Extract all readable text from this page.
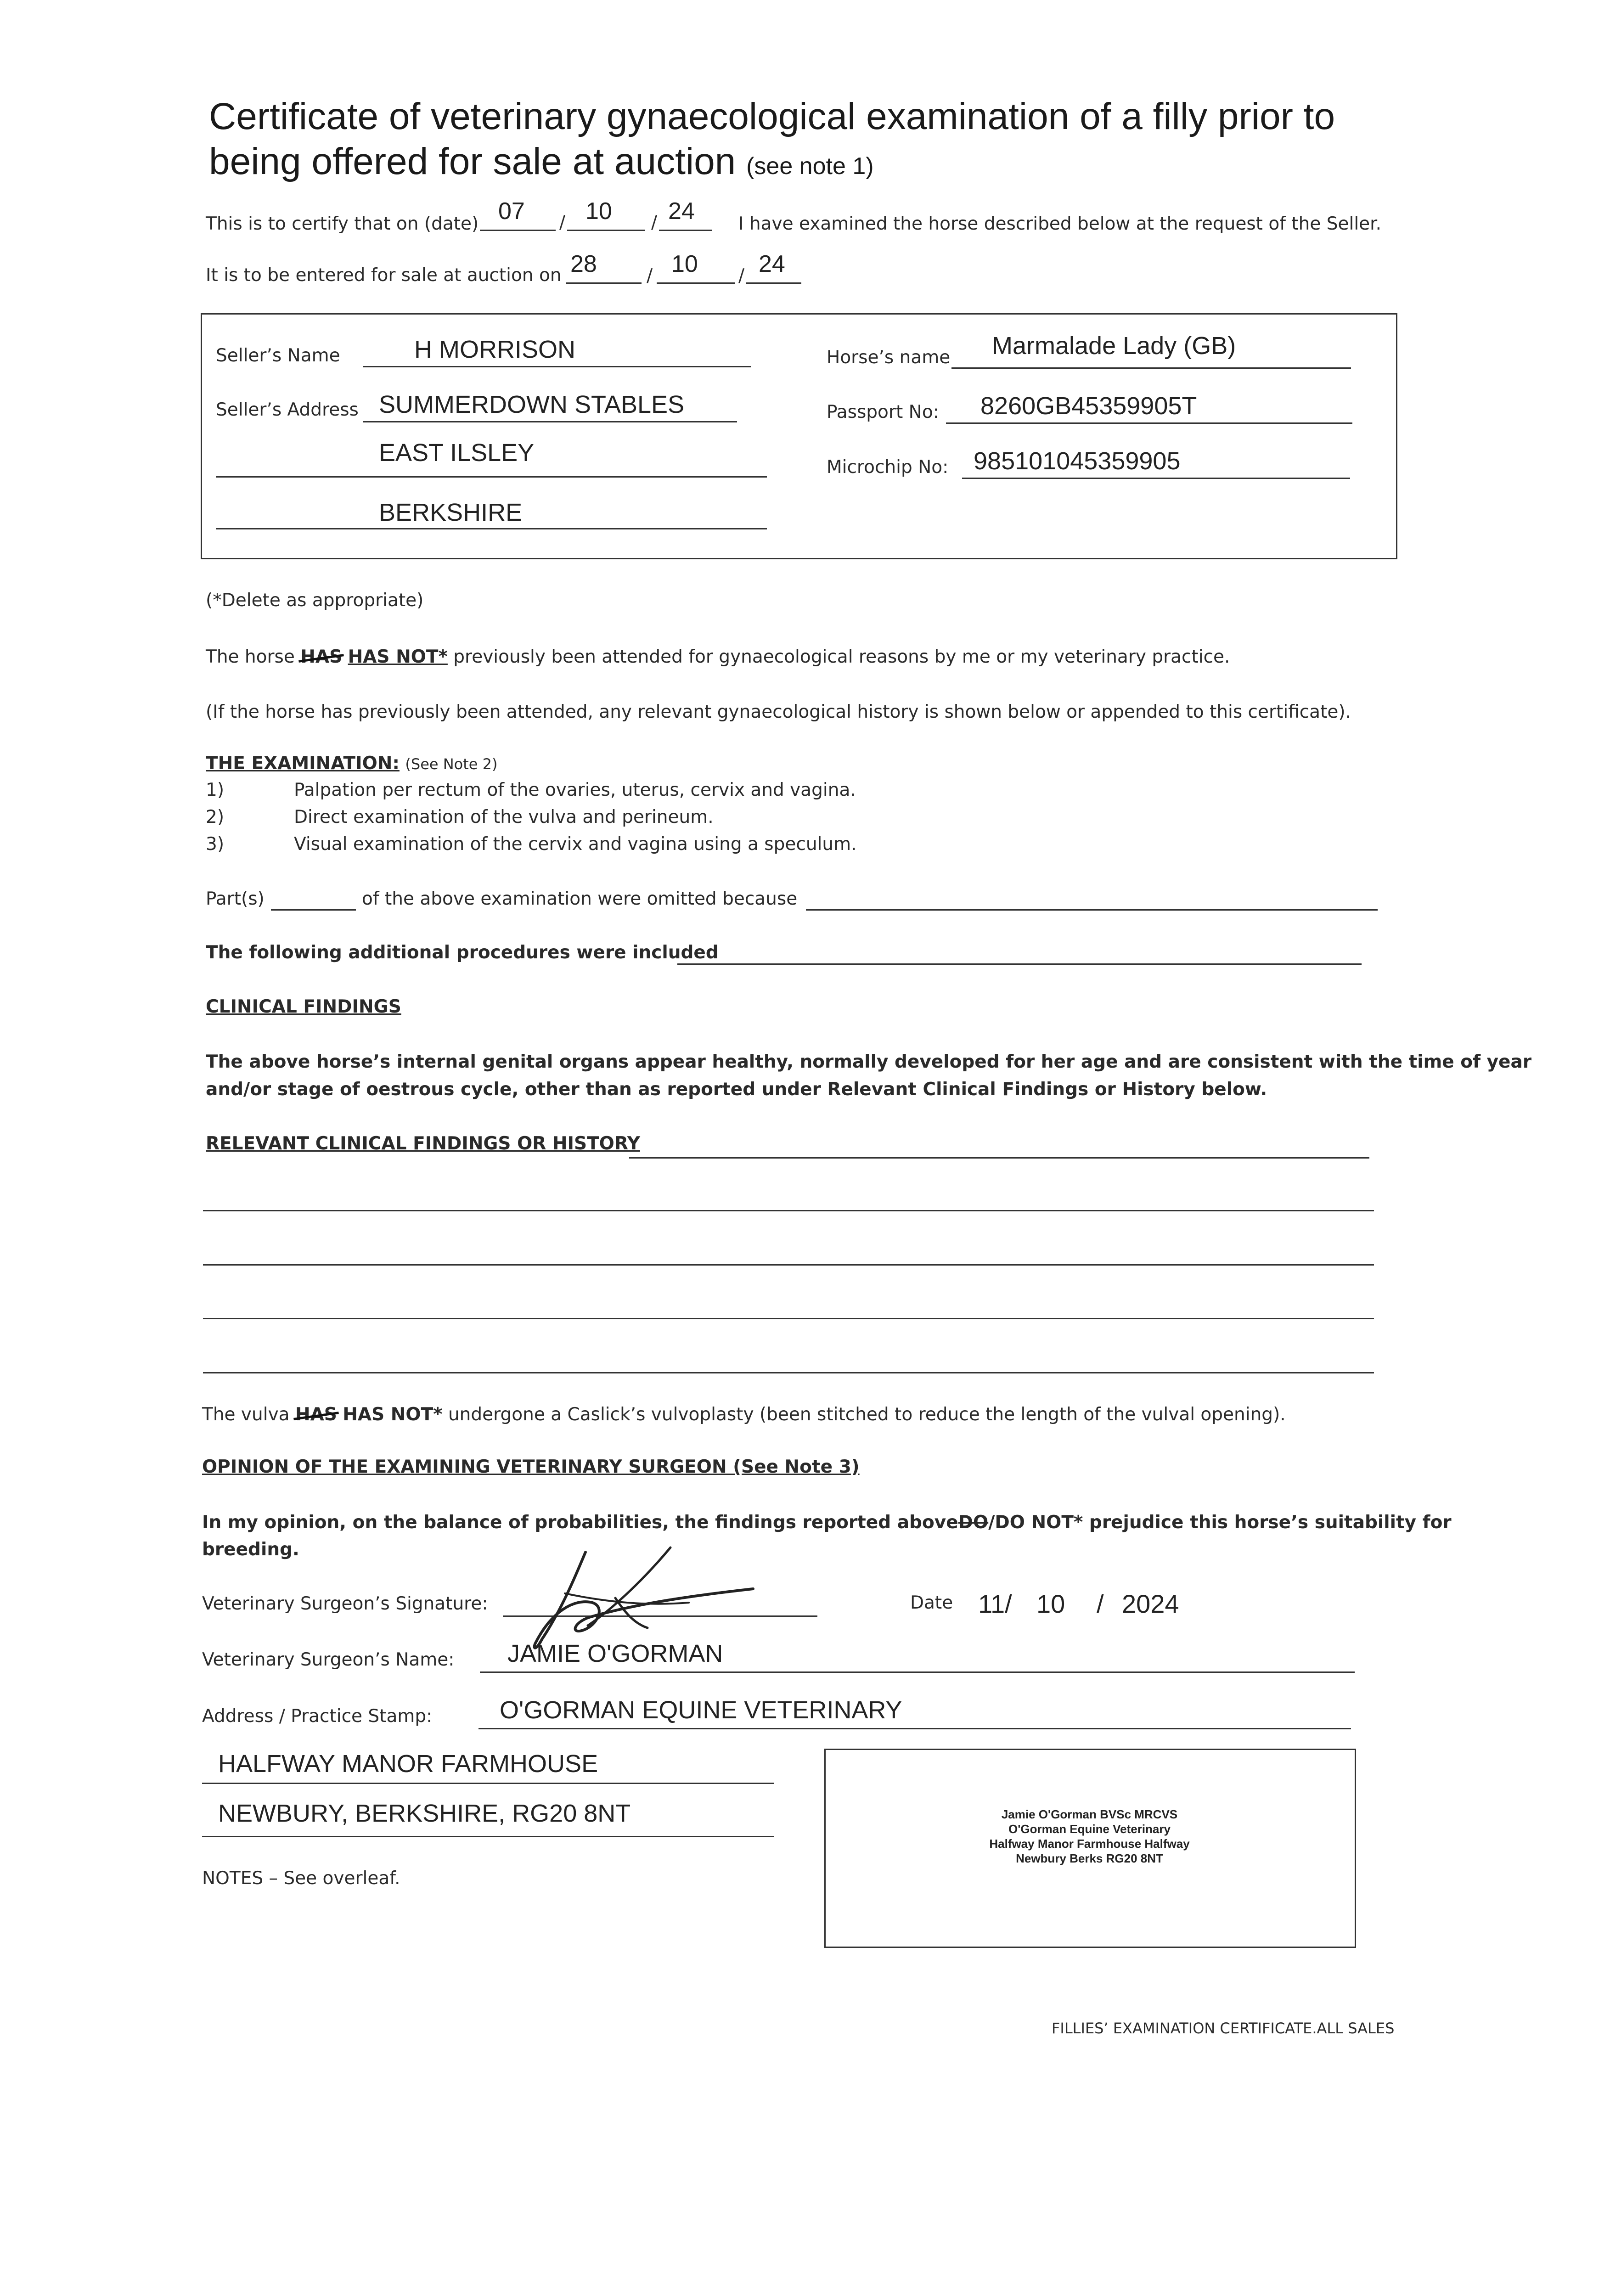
Certificate of veterinary gynaecological examination of a filly prior to
being offered for sale at auction (see note 1)
This is to certify that on (date) 07 / 10 / 24 I have examined the horse described below at the request of the Seller.
It is to be entered for sale at auction on 28	/ 10 / 24
Seller’s Name	H MORRISON
Seller’s Address SUMMERDOWN STABLES
EAST ILSLEY
BERKSHIRE
Horse’s name Marmalade Lady (GB)
Passport No: 8260GB45359905T
Microchip No: 985101045359905
(*Delete as appropriate)
The horse HAS HAS NOT* previously been attended for gynaecological reasons by me or my veterinary practice.
(If the horse has previously been attended, any relevant gynaecological history is shown below or appended to this certificate).
THE EXAMINATION: (See Note 2)
1)	Palpation per rectum of the ovaries, uterus, cervix and vagina.
2)	Direct examination of the vulva and perineum.
3)	Visual examination of the cervix and vagina using a speculum.
Part(s)	of the above examination were omitted because
The following additional procedures were included
CLINICAL FINDINGS
The above horse’s internal genital organs appear healthy, normally developed for her age and are consistent with the time of year
and/or stage of oestrous cycle, other than as reported under Relevant Clinical Findings or History below.
RELEVANT CLINICAL FINDINGS OR HISTORY
The vulva HAS HAS NOT* undergone a Caslick’s vulvoplasty (been stitched to reduce the length of the vulval opening).
OPINION OF THE EXAMINING VETERINARY SURGEON (See Note 3)
In my opinion, on the balance of probabilities, the findings reported aboveDO/DO NOT* prejudice this horse’s suitability for
breeding.
Veterinary Surgeon’s Signature:	Date 11/ 10 / 2024
Veterinary Surgeon’s Name: JAMIE O'GORMAN
Address / Practice Stamp:	O'GORMAN EQUINE VETERINARY
HALFWAY MANOR FARMHOUSE
NEWBURY, BERKSHIRE, RG20 8NT	Jamie O'Gorman BVSc MRCVS
O'Gorman Equine Veterinary
Halfway Manor Farmhouse Halfway
Newbury Berks RG20 8NT
NOTES – See overleaf.
FILLIES’ EXAMINATION CERTIFICATE.ALL SALES
